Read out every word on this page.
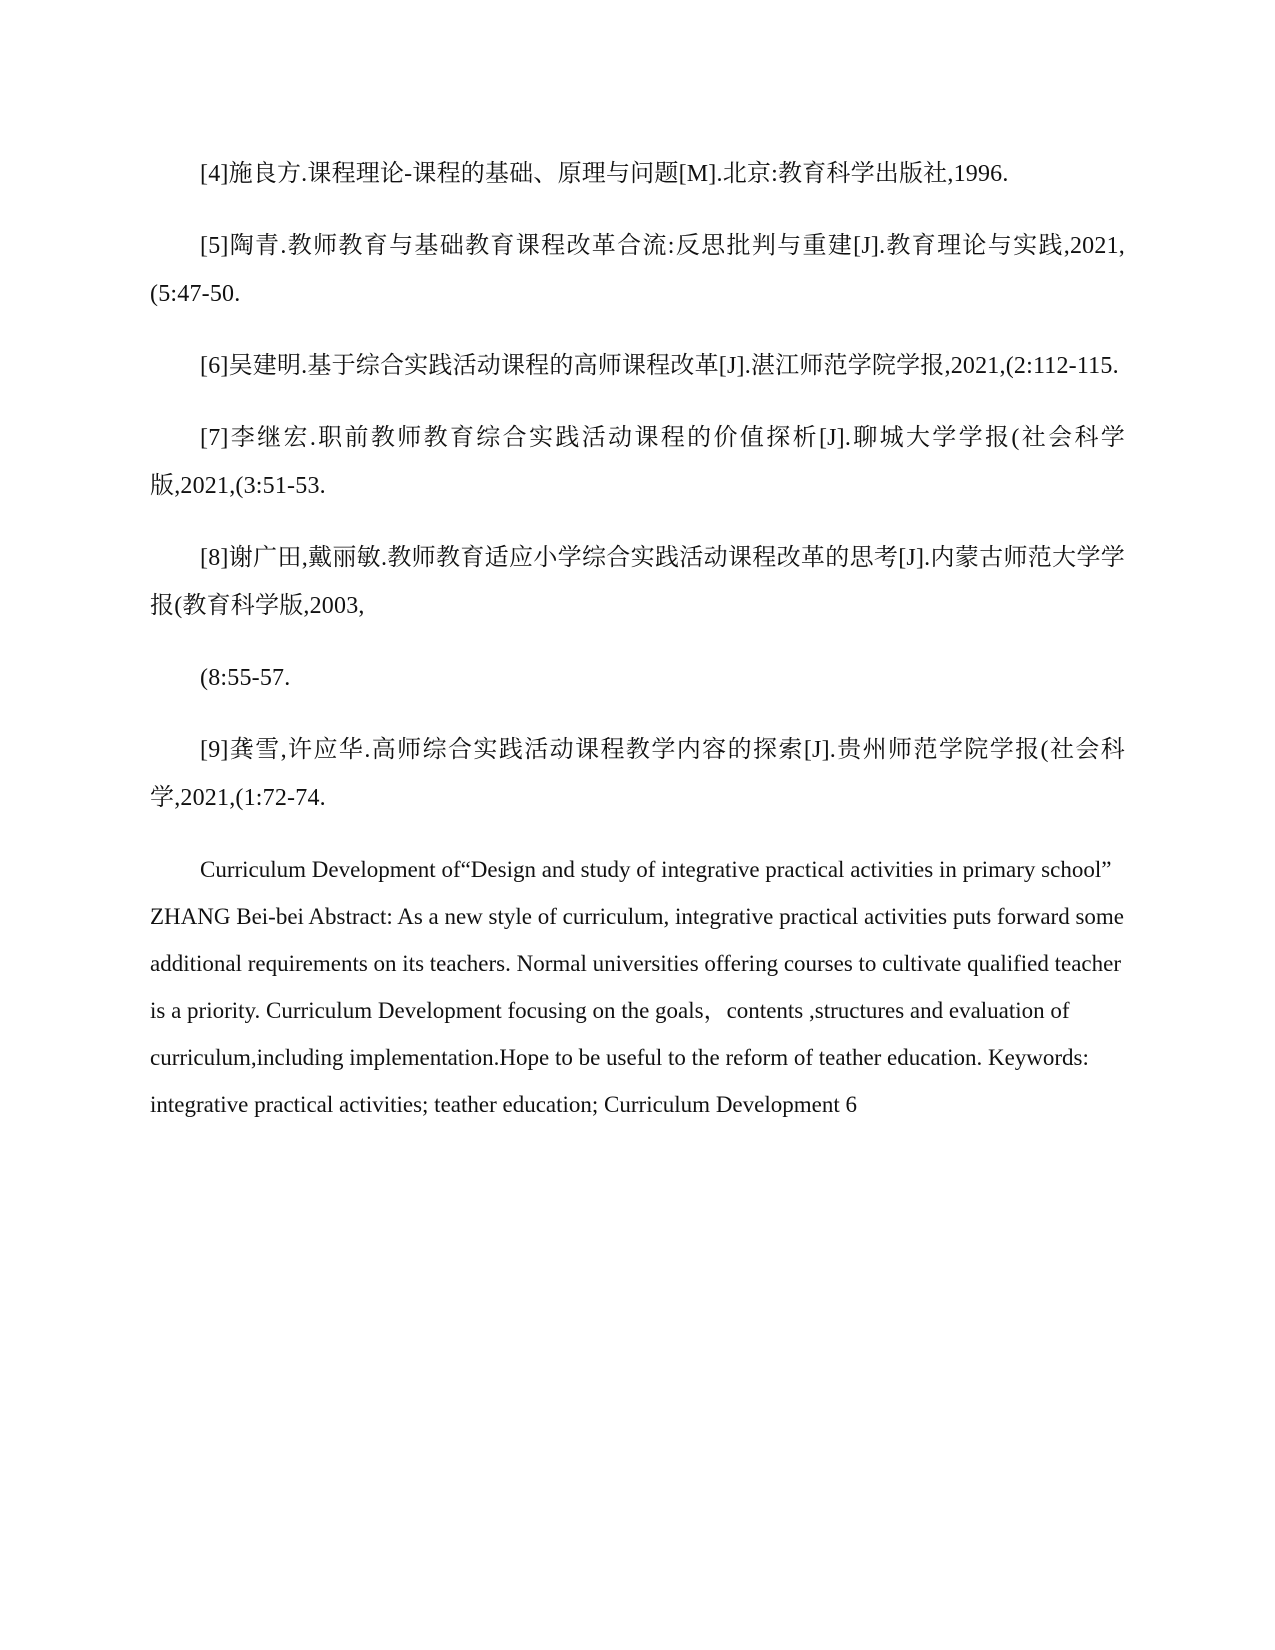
[4]施良方.课程理论-课程的基础、原理与问题[M].北京:教育科学出版社,1996.

[5]陶青.教师教育与基础教育课程改革合流:反思批判与重建[J].教育理论与实践,2021,(5:47-50.

[6]吴建明.基于综合实践活动课程的高师课程改革[J].湛江师范学院学报,2021,(2:112-115.

[7]李继宏.职前教师教育综合实践活动课程的价值探析[J].聊城大学学报(社会科学版,2021,(3:51-53.

[8]谢广田,戴丽敏.教师教育适应小学综合实践活动课程改革的思考[J].内蒙古师范大学学报(教育科学版,2003,

(8:55-57.

[9]龚雪,许应华.高师综合实践活动课程教学内容的探索[J].贵州师范学院学报(社会科学,2021,(1:72-74.

Curriculum Development of“Design and study of integrative practical activities in primary school” ZHANG Bei-bei Abstract: As a new style of curriculum, integrative practical activities puts forward some additional requirements on its teachers. Normal universities offering courses to cultivate qualified teacher is a priority. Curriculum Development focusing on the goals，contents ,structures and evaluation of curriculum,including implementation.Hope to be useful to the reform of teather education. Keywords: integrative practical activities; teather education; Curriculum Development 6
